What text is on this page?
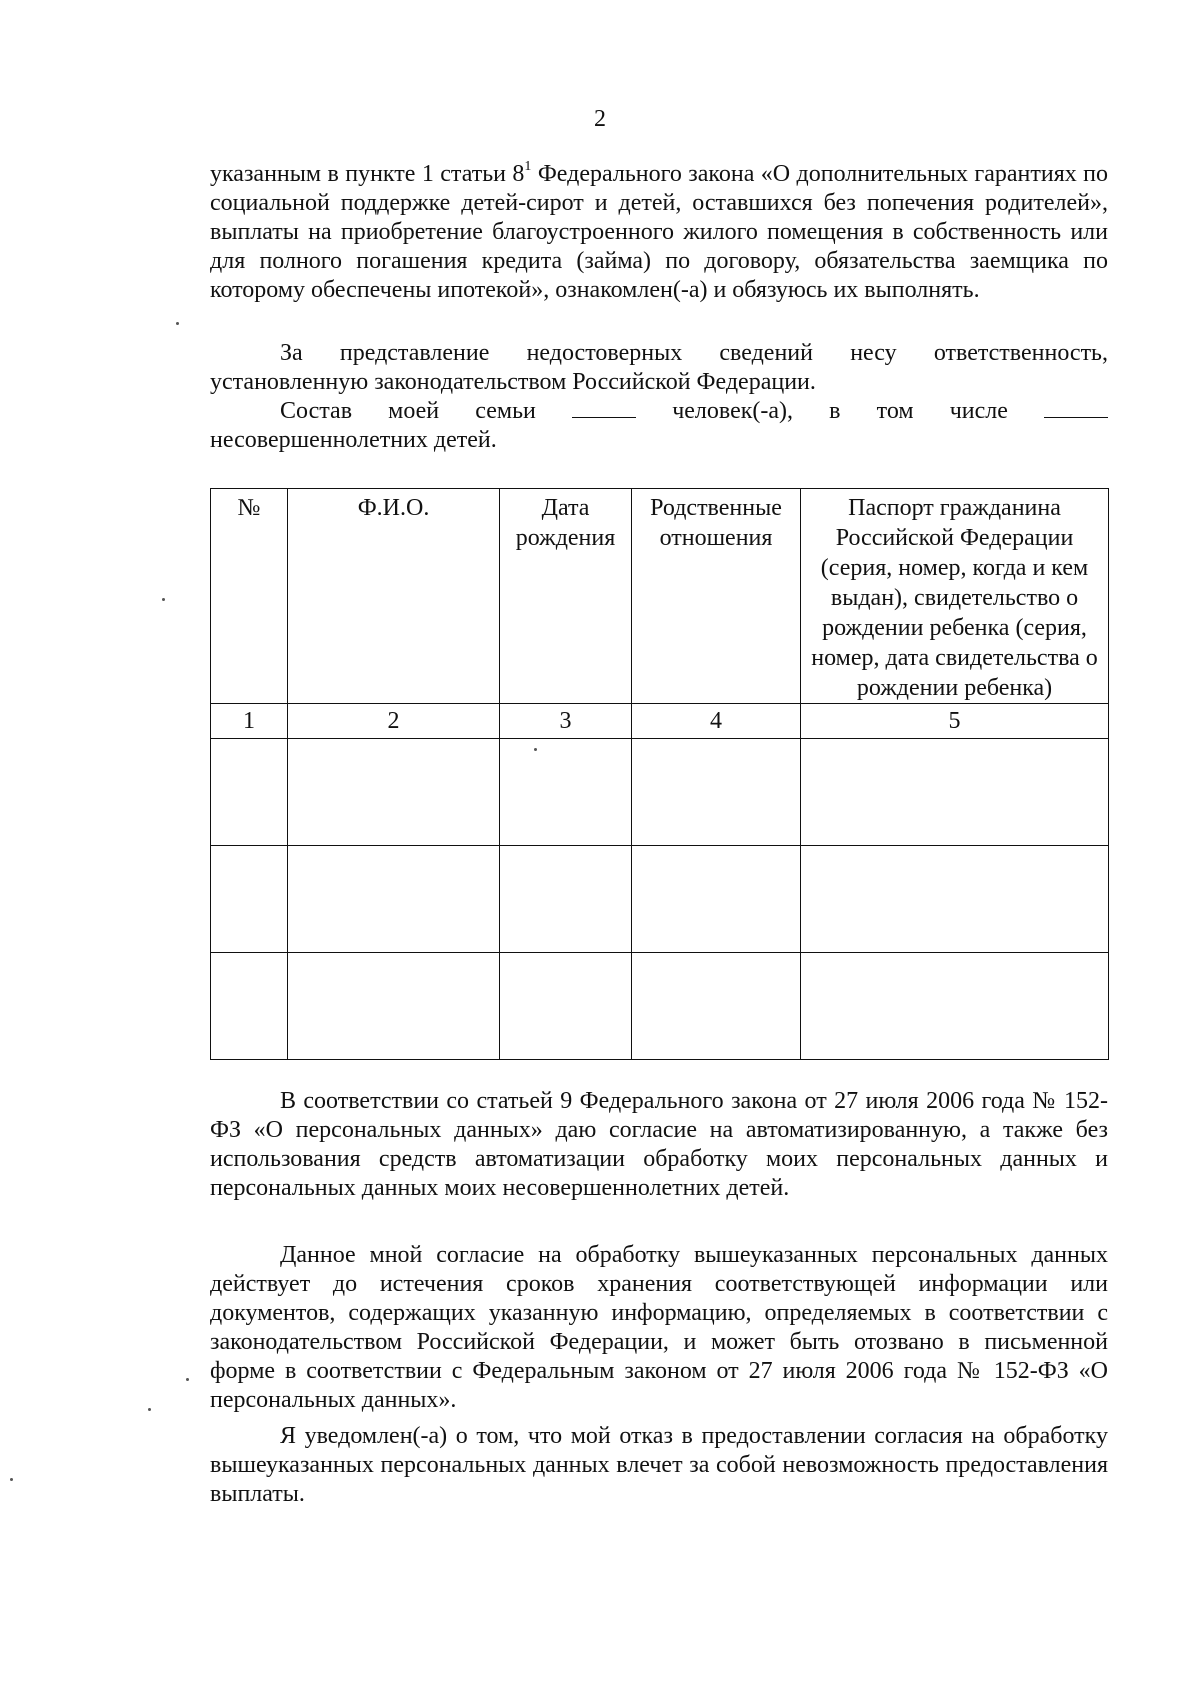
2

указанным в пункте 1 статьи $8^1$ Федерального закона «О дополнительных гарантиях по социальной поддержке детей-сирот и детей, оставшихся без попечения родителей», выплаты на приобретение благоустроенного жилого помещения в собственность или для полного погашения кредита (займа) по договору, обязательства заемщика по которому обеспечены ипотекой», ознакомлен(-а) и обязуюсь их выполнять.

За представление недостоверных сведений несу ответственность, установленную законодательством Российской Федерации.

Состав моей семьи	человек(-а), в том числе

несовершеннолетних детей.

№	Ф.И.О.	Дата рождения	Родственные отношения	Паспорт гражданина Российской Федерации (серия, номер, когда и кем выдан), свидетельство о рождении ребенка (серия, номер, дата свидетельства о рождении ребенка)
1	2	3	4	5

В соответствии со статьей 9 Федерального закона от 27 июля 2006 года № 152-ФЗ «О персональных данных» даю согласие на автоматизированную, а также без использования средств автоматизации обработку моих персональных данных и персональных данных моих несовершеннолетних детей.

Данное мной согласие на обработку вышеуказанных персональных данных действует до истечения сроков хранения соответствующей информации или документов, содержащих указанную информацию, определяемых в соответствии с законодательством Российской Федерации, и может быть отозвано в письменной форме в соответствии с Федеральным законом от 27 июля 2006 года № 152-ФЗ «О персональных данных».

Я уведомлен(-а) о том, что мой отказ в предоставлении согласия на обработку вышеуказанных персональных данных влечет за собой невозможность предоставления выплаты.
